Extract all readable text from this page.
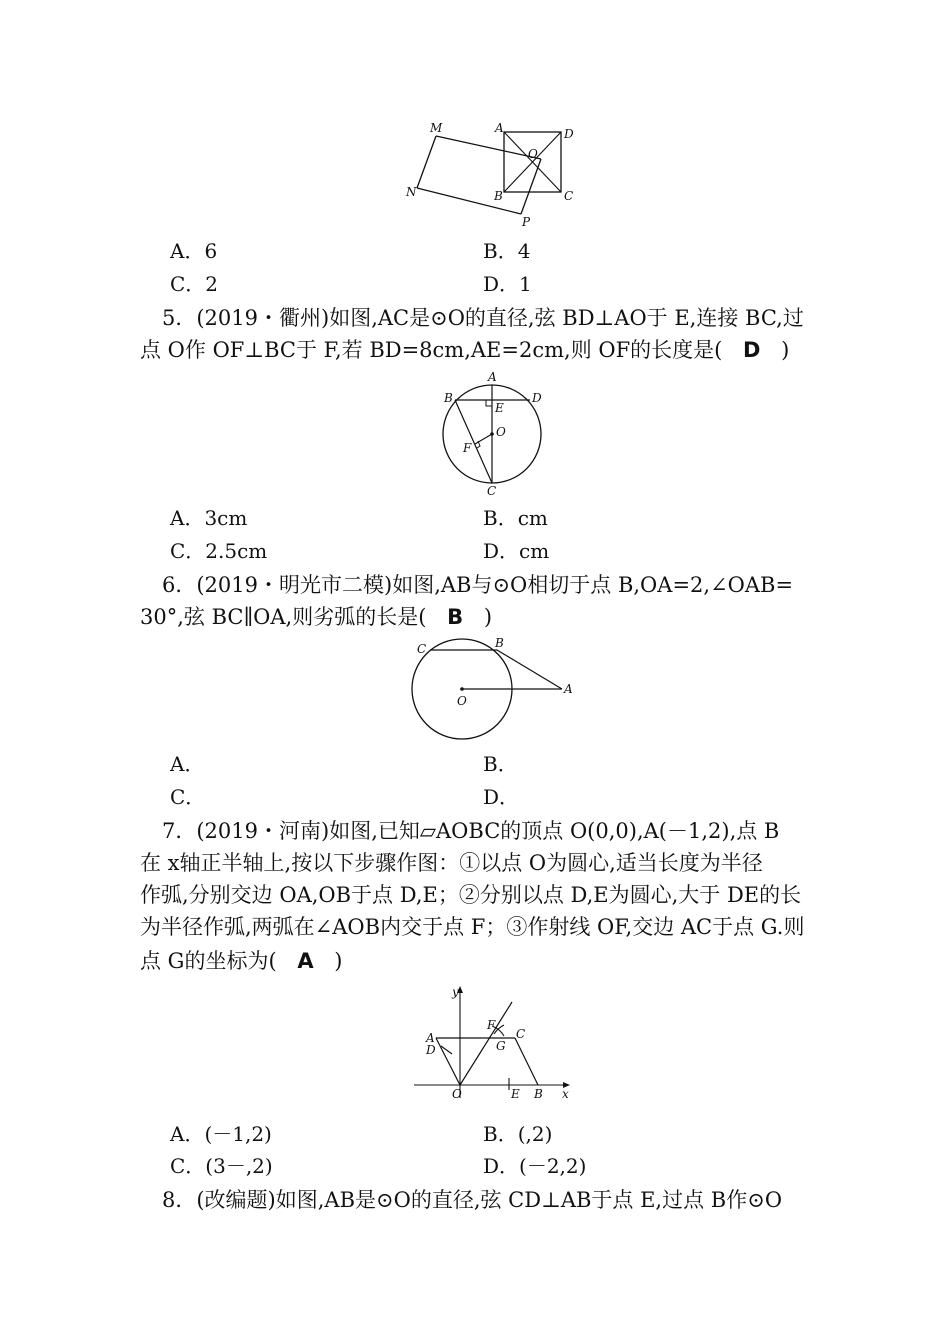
M	A	D
O
N	B	C
P
A．6	B．4
C．2	D．1
5．(2019・衢州)如图,AC是⊙O的直径,弦 BD⊥AO于 E,连接 BC,过
点 O作 OF⊥BC于 F,若 BD=8cm,AE=2cm,则 OF的长度是( D )
A
B	D
E
O
F
C
A．3cm	B．cm
C．2.5cm	D．cm
6．(2019・明光市二模)如图,AB与⊙O相切于点 B,OA=2,∠OAB=
30°,弦 BC∥OA,则劣弧的长是( B )
C	B
O
A
A．	B．
C．	D．
7．(2019・河南)如图,已知▱AOBC的顶点 O(0,0),A(－1,2),点 B
在 x轴正半轴上,按以下步骤作图：①以点 O为圆心,适当长度为半径
作弧,分别交边 OA,OB于点 D,E；②分别以点 D,E为圆心,大于 DE的长
为半径作弧,两弧在∠AOB内交于点 F；③作射线 OF,交边 AC于点 G.则
点 G的坐标为( A )
y
x
A
D
F
C
G
O	E B
A．(－1,2)	B．(,2)
C．(3－,2)	D．(－2,2)
8．(改编题)如图,AB是⊙O的直径,弦 CD⊥AB于点 E,过点 B作⊙O
